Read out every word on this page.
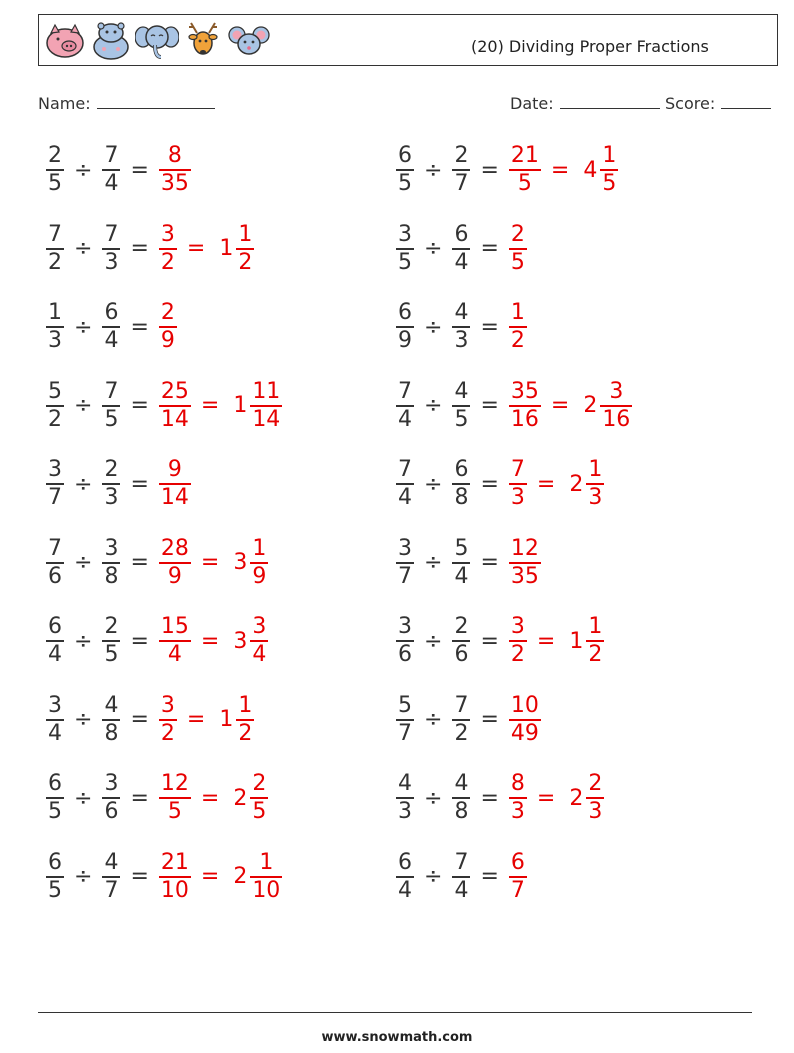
(20) Dividing Proper Fractions
Name:	Date:	Score:
$\frac{2}{5} \div \frac{7}{4} = \frac{8}{35}$
$\frac{7}{2} \div \frac{7}{3} = \frac{3}{2} = 1 \frac{1}{2}$
$\frac{1}{3} \div \frac{6}{4} = \frac{2}{9}$
$\frac{5}{2} \div \frac{7}{5} = \frac{25}{14} = 1 \frac{11}{14}$
$\frac{3}{7} \div \frac{2}{3} = \frac{9}{14}$
$\frac{7}{6} \div \frac{3}{8} = \frac{28}{9} = 3 \frac{1}{9}$
$\frac{6}{4} \div \frac{2}{5} = \frac{15}{4} = 3 \frac{3}{4}$
$\frac{3}{4} \div \frac{4}{8} = \frac{3}{2} = 1 \frac{1}{2}$
$\frac{6}{5} \div \frac{3}{6} = \frac{12}{5} = 2 \frac{2}{5}$
$\frac{6}{5} \div \frac{4}{7} = \frac{21}{10} = 2 \frac{1}{10}$
$\frac{6}{5} \div \frac{2}{7} = \frac{21}{5} = 4 \frac{1}{5}$
$\frac{3}{5} \div \frac{6}{4} = \frac{2}{5}$
$\frac{6}{9} \div \frac{4}{3} = \frac{1}{2}$
$\frac{7}{4} \div \frac{4}{5} = \frac{35}{16} = 2 \frac{3}{16}$
$\frac{7}{4} \div \frac{6}{8} = \frac{7}{3} = 2 \frac{1}{3}$
$\frac{3}{7} \div \frac{5}{4} = \frac{12}{35}$
$\frac{3}{6} \div \frac{2}{6} = \frac{3}{2} = 1 \frac{1}{2}$
$\frac{5}{7} \div \frac{7}{2} = \frac{10}{49}$
$\frac{4}{3} \div \frac{4}{8} = \frac{8}{3} = 2 \frac{2}{3}$
$\frac{6}{4} \div \frac{7}{4} = \frac{6}{7}$
www.snowmath.com
